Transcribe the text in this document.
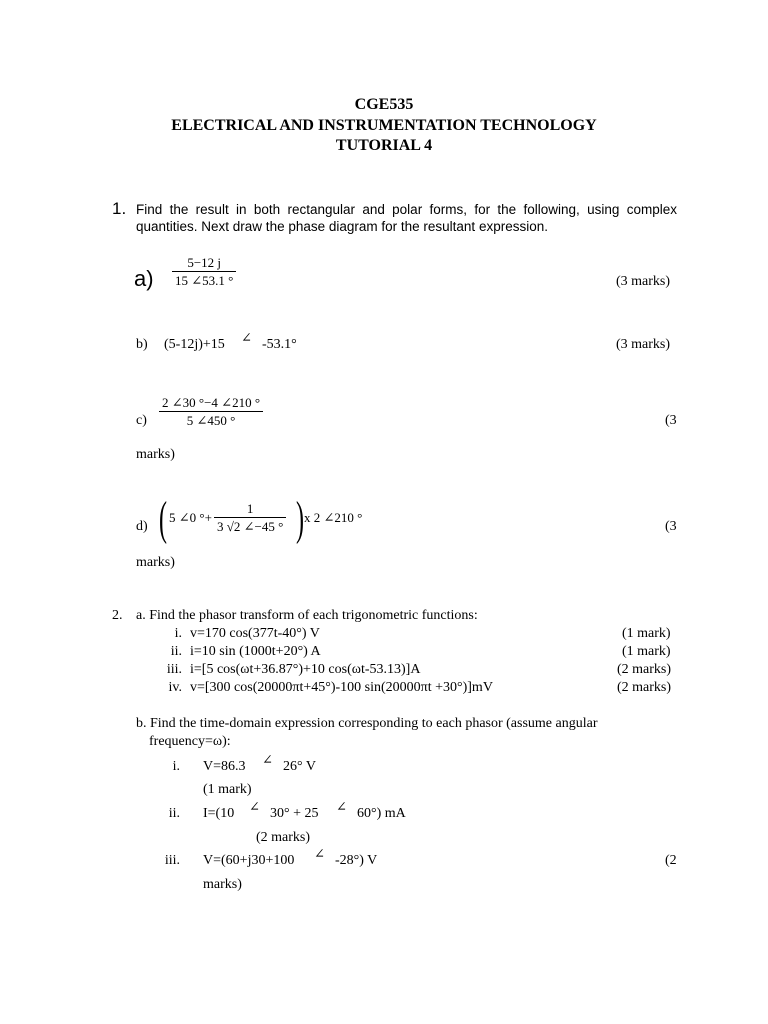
CGE535
ELECTRICAL AND INSTRUMENTATION TECHNOLOGY
TUTORIAL 4
1. Find the result in both rectangular and polar forms, for the following, using complex
quantities. Next draw the phase diagram for the resultant expression.
$a) \frac{5-12 j}{15 \angle 53.1 ^\circ}$	(3 marks)
b) (5-12j)+15 ∠ -53.1°	(3 marks)
$c) \frac{2 \angle 30 ^\circ-4 \angle 210 ^\circ}{5 \angle 450 ^\circ}$	(3
marks)
d) ( 5 ∠0 °+ $\frac{1}{3 √2 \angle-45 ^\circ}$ ) x 2 ∠210 °
(3
marks)
2. a. Find the phasor transform of each trigonometric functions:
i. v=170 cos(377t-40°) V	(1 mark)
ii. i=10 sin (1000t+20°) A	(1 mark)
iii. i=[5 cos(ωt+36.87°)+10 cos(ωt-53.13)]A	(2 marks)
iv. v=[300 cos(20000πt+45°)-100 sin(20000πt +30°)]mV	(2 marks)
b. Find the time-domain expression corresponding to each phasor (assume angular
frequency=ω):
i. V=86.3 ∠ 26° V
(1 mark)
ii. I=(10 ∠ 30° + 25 ∠ 60°) mA
(2 marks)
iii. V=(60+j30+100 ∠ -28°) V	(2
marks)
